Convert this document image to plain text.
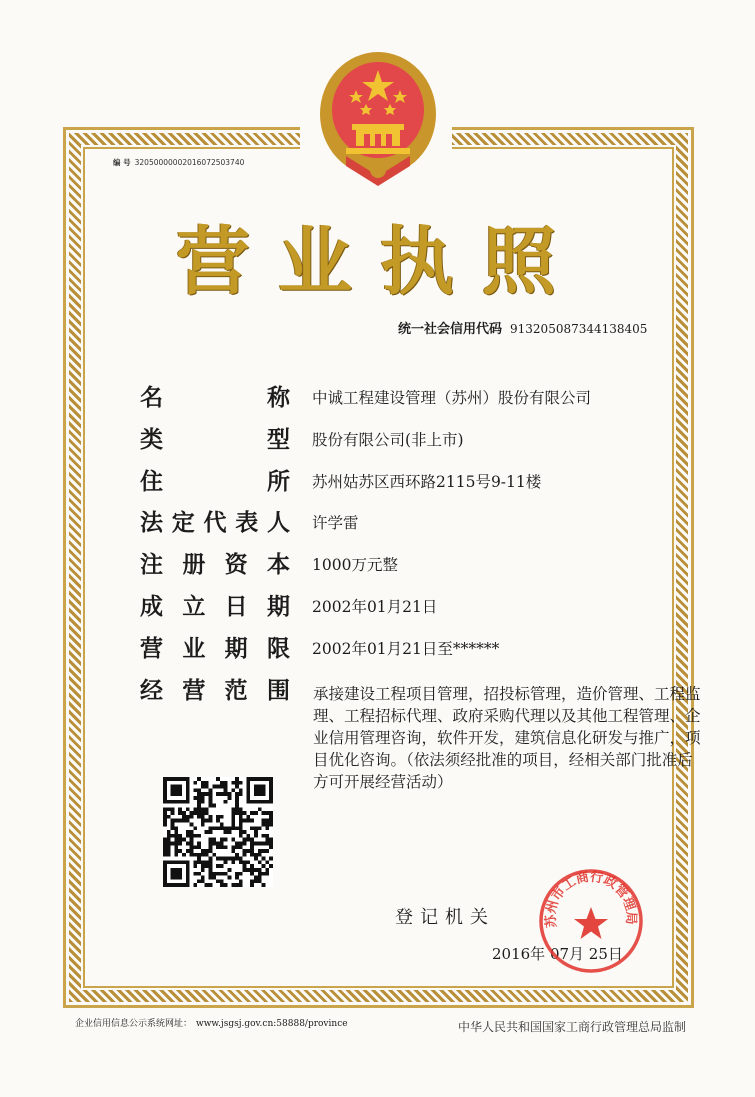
编 号 32050000002016072503740
营业执照
统一社会信用代码 913205087344138405
名	称 中诚工程建设管理（苏州）股份有限公司
类	型 股份有限公司(非上市)
住	所 苏州姑苏区西环路2115号9-11楼
法 定 代 表 人 许学雷
注 册 资 本 1000万元整
成 立 日 期 2002年01月21日
营 业 期 限 2002年01月21日至******
经 营 范 围 承接建设工程项目管理，招投标管理，造价管理、工程监理、工程招标代理、政府采购代理以及其他工程管理、企业信用管理咨询，软件开发，建筑信息化研发与推广，项目优化咨询。（依法须经批准的项目，经相关部门批准后方可开展经营活动）
登记机关
2016年 07月 25日
苏州市工商行政管理局
企业信用信息公示系统网址： www.jsgsj.gov.cn:58888/province	中华人民共和国国家工商行政管理总局监制
